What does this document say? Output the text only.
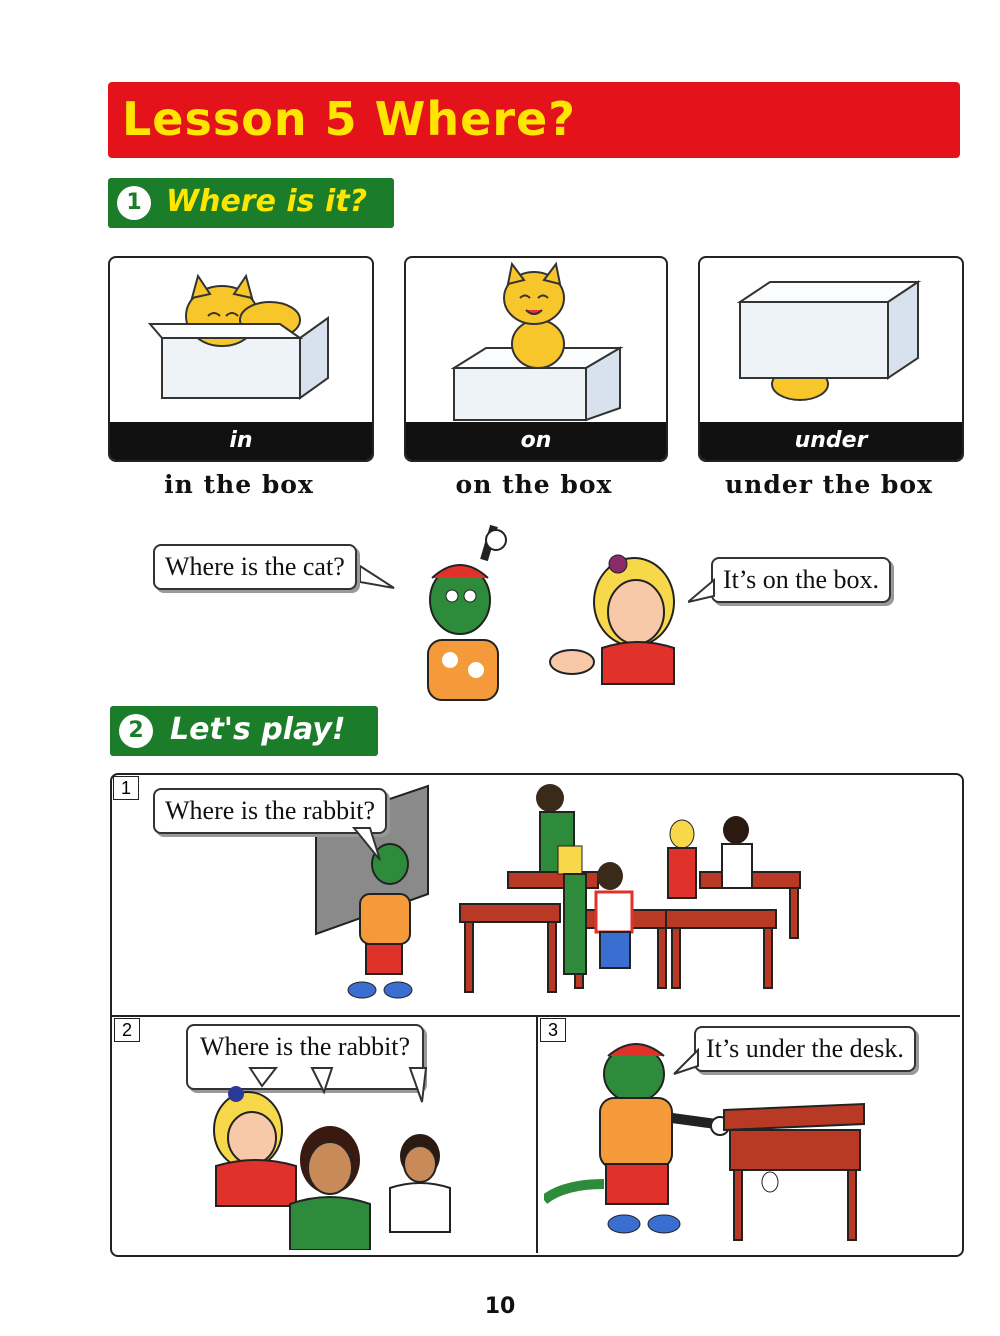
Lesson 5 Where?
1 Where is it?
in
in the box
on
on the box
under
under the box
Where is the cat?	It’s on the box.
2 Let's play!
1
Where is the rabbit?
2
Where is the rabbit?
3
It’s under the desk.
10
